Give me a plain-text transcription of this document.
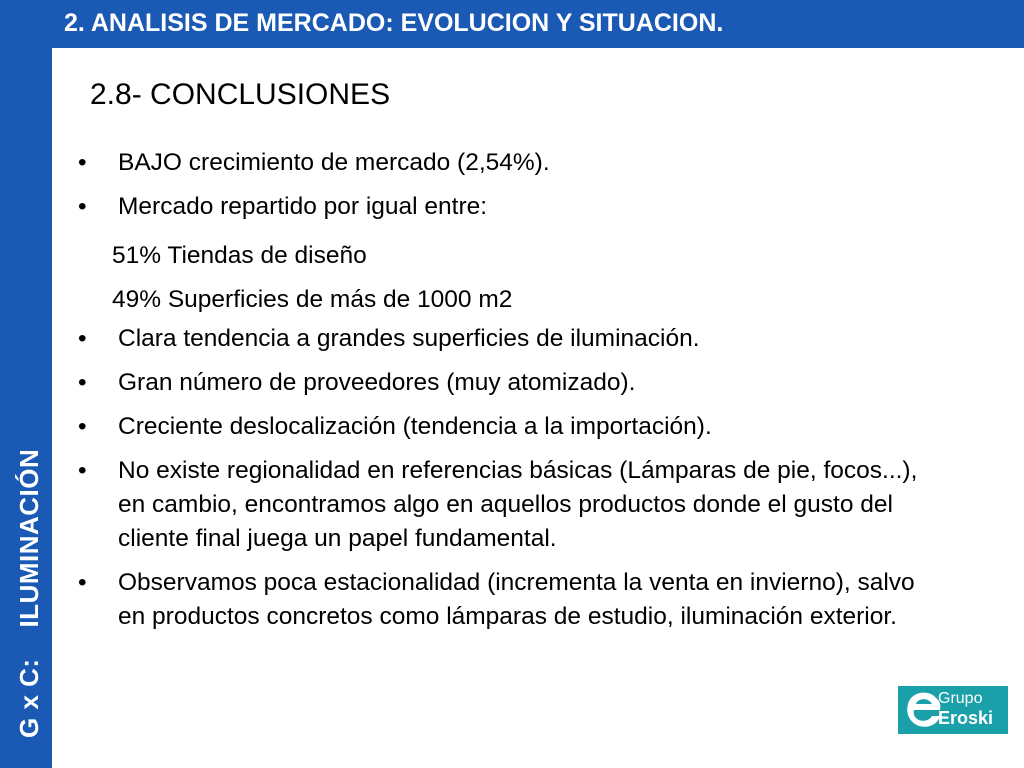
G x C:    ILUMINACIÓN
2. ANALISIS DE MERCADO: EVOLUCION Y SITUACION.
2.8- CONCLUSIONES
•	BAJO crecimiento de mercado (2,54%).
•	Mercado repartido por igual entre:
51% Tiendas de diseño
49% Superficies de más de 1000 m2
•	Clara tendencia a grandes superficies de iluminación.
•	Gran número de proveedores (muy atomizado).
•	Creciente deslocalización (tendencia a la importación).
•	No existe regionalidad en referencias básicas (Lámparas de pie, focos...), en cambio, encontramos algo en aquellos productos donde el gusto del cliente final juega un papel fundamental.
•	Observamos poca estacionalidad (incrementa la venta en invierno), salvo en productos concretos como lámparas de estudio, iluminación exterior.
Grupo
Eroski
